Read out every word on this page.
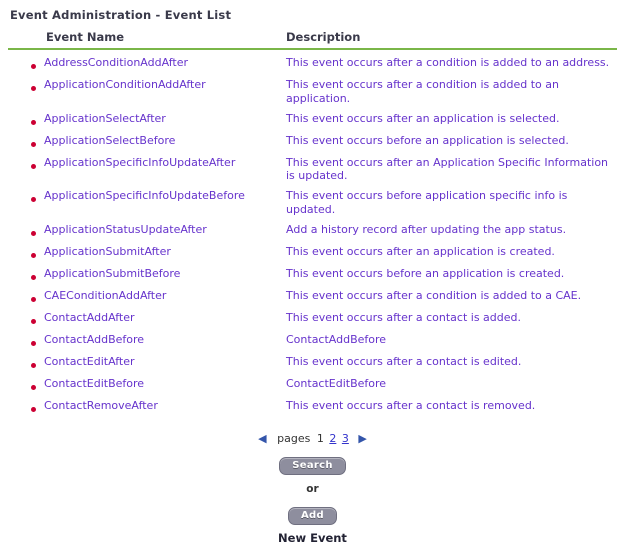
Event Administration - Event List
	Event Name	Description

	AddressConditionAddAfter	This event occurs after a condition is added to an address.
	ApplicationConditionAddAfter	This event occurs after a condition is added to an application.
	ApplicationSelectAfter	This event occurs after an application is selected.
	ApplicationSelectBefore	This event occurs before an application is selected.
	ApplicationSpecificInfoUpdateAfter	This event occurs after an Application Specific Information is updated.
	ApplicationSpecificInfoUpdateBefore	This event occurs before application specific info is updated.
	ApplicationStatusUpdateAfter	Add a history record after updating the app status.
	ApplicationSubmitAfter	This event occurs after an application is created.
	ApplicationSubmitBefore	This event occurs before an application is created.
	CAEConditionAddAfter	This event occurs after a condition is added to a CAE.
	ContactAddAfter	This event occurs after a contact is added.
	ContactAddBefore	ContactAddBefore
	ContactEditAfter	This event occurs after a contact is edited.
	ContactEditBefore	ContactEditBefore
	ContactRemoveAfter	This event occurs after a contact is removed.
◀ pages 1 2 3 ▶
Search
or
Add
New Event
